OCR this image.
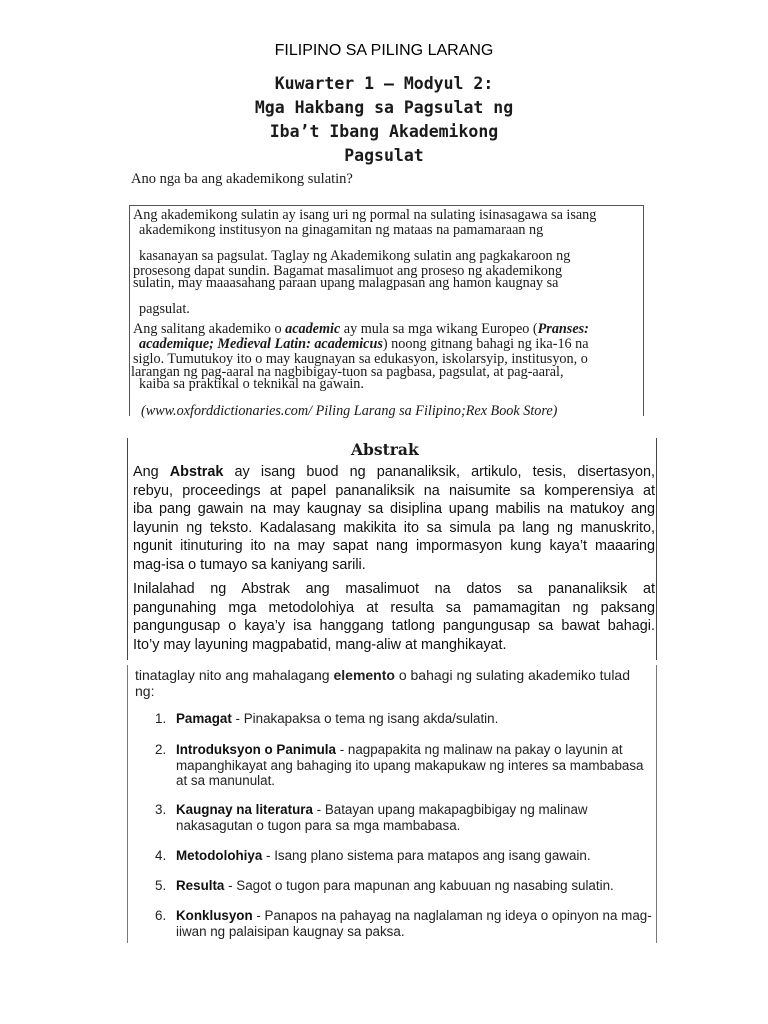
FILIPINO SA PILING LARANG
Kuwarter 1 – Modyul 2:
Mga Hakbang sa Pagsulat ng
Iba’t Ibang Akademikong
Pagsulat
Ano nga ba ang akademikong sulatin?
Ang akademikong sulatin ay isang uri ng pormal na sulating isinasagawa sa isang
akademikong institusyon na ginagamitan ng mataas na pamamaraan ng
kasanayan sa pagsulat. Taglay ng Akademikong sulatin ang pagkakaroon ng
prosesong dapat sundin. Bagamat masalimuot ang proseso ng akademikong
sulatin, may maaasahang paraan upang malagpasan ang hamon kaugnay sa
pagsulat.
Ang salitang akademiko o academic ay mula sa mga wikang Europeo (Pranses:
academique; Medieval Latin: academicus) noong gitnang bahagi ng ika-16 na
siglo. Tumutukoy ito o may kaugnayan sa edukasyon, iskolarsyip, institusyon, o
larangan ng pag-aaral na nagbibigay-tuon sa pagbasa, pagsulat, at pag-aaral,
kaiba sa praktikal o teknikal na gawain.
(www.oxforddictionaries.com/ Piling Larang sa Filipino;Rex Book Store)
Abstrak
Ang Abstrak ay isang buod ng pananaliksik, artikulo, tesis, disertasyon,
rebyu, proceedings at papel pananaliksik na naisumite sa komperensiya at
iba pang gawain na may kaugnay sa disiplina upang mabilis na matukoy ang
layunin ng teksto. Kadalasang makikita ito sa simula pa lang ng manuskrito,
ngunit itinuturing ito na may sapat nang impormasyon kung kaya’t maaaring
mag-isa o tumayo sa kaniyang sarili.
Inilalahad ng Abstrak ang masalimuot na datos sa pananaliksik at
pangunahing mga metodolohiya at resulta sa pamamagitan ng paksang
pangungusap o kaya’y isa hanggang tatlong pangungusap sa bawat bahagi.
Ito’y may layuning magpabatid, mang-aliw at manghikayat.
tinataglay nito ang mahalagang elemento o bahagi ng sulating akademiko tulad
ng:
1. Pamagat - Pinakapaksa o tema ng isang akda/sulatin.
2. Introduksyon o Panimula - nagpapakita ng malinaw na pakay o layunin at mapanghikayat ang bahaging ito upang makapukaw ng interes sa mambabasa at sa manunulat.
3. Kaugnay na literatura - Batayan upang makapagbibigay ng malinaw nakasagutan o tugon para sa mga mambabasa.
4. Metodolohiya - Isang plano sistema para matapos ang isang gawain.
5. Resulta - Sagot o tugon para mapunan ang kabuuan ng nasabing sulatin.
6. Konklusyon - Panapos na pahayag na naglalaman ng ideya o opinyon na mag-iiwan ng palaisipan kaugnay sa paksa.
